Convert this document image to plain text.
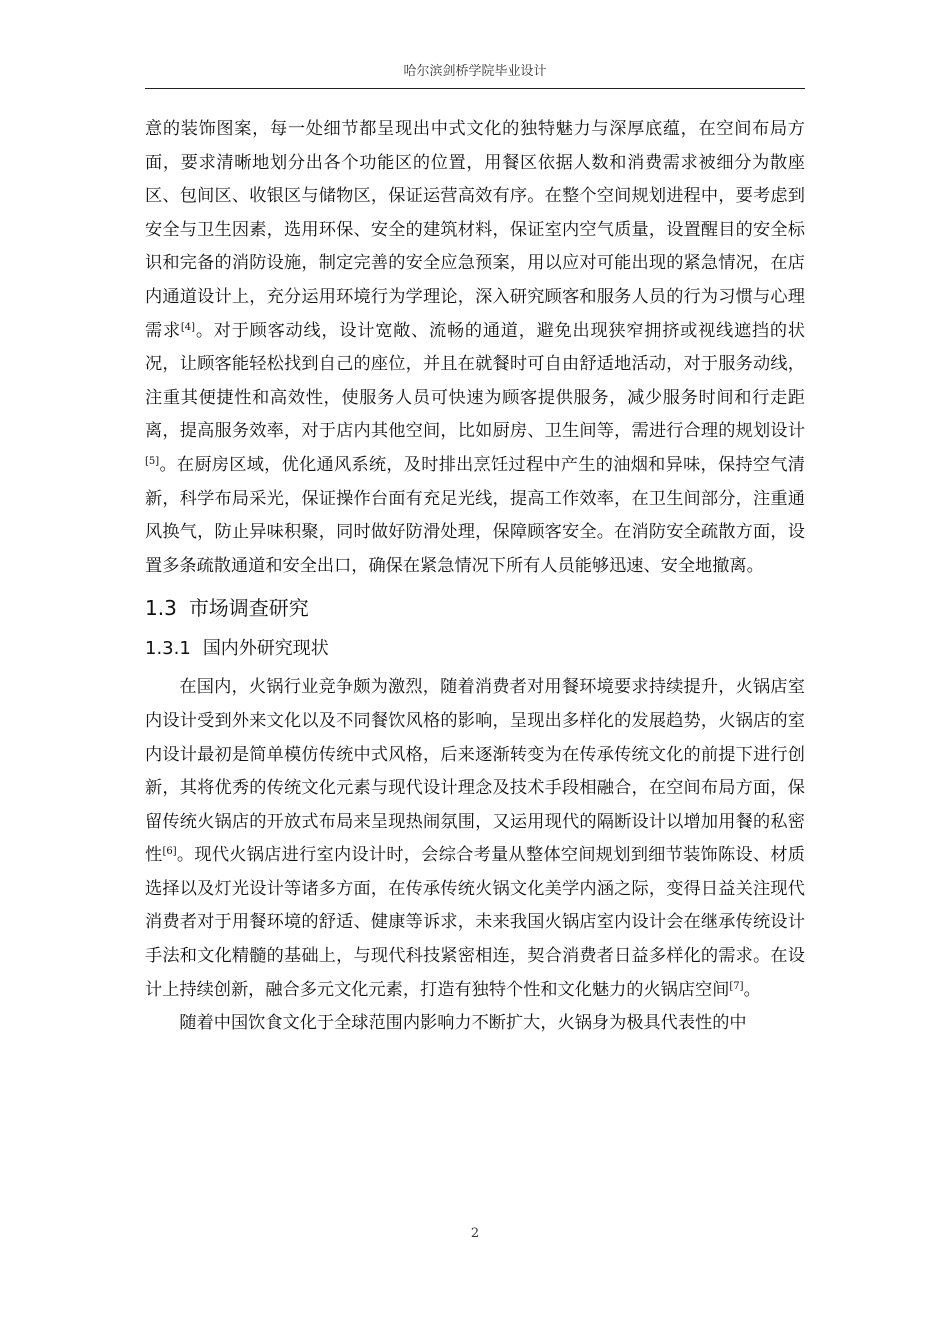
哈尔滨剑桥学院毕业设计

意的装饰图案，每一处细节都呈现出中式文化的独特魅力与深厚底蕴，在空间布局方面，要求清晰地划分出各个功能区的位置，用餐区依据人数和消费需求被细分为散座区、包间区、收银区与储物区，保证运营高效有序。在整个空间规划进程中，要考虑到安全与卫生因素，选用环保、安全的建筑材料，保证室内空气质量，设置醒目的安全标识和完备的消防设施，制定完善的安全应急预案，用以应对可能出现的紧急情况，在店内通道设计上，充分运用环境行为学理论，深入研究顾客和服务人员的行为习惯与心理需求[4]。对于顾客动线，设计宽敞、流畅的通道，避免出现狭窄拥挤或视线遮挡的状况，让顾客能轻松找到自己的座位，并且在就餐时可自由舒适地活动，对于服务动线，注重其便捷性和高效性，使服务人员可快速为顾客提供服务，减少服务时间和行走距离，提高服务效率，对于店内其他空间，比如厨房、卫生间等，需进行合理的规划设计[5]。在厨房区域，优化通风系统，及时排出烹饪过程中产生的油烟和异味，保持空气清新，科学布局采光，保证操作台面有充足光线，提高工作效率，在卫生间部分，注重通风换气，防止异味积聚，同时做好防滑处理，保障顾客安全。在消防安全疏散方面，设置多条疏散通道和安全出口，确保在紧急情况下所有人员能够迅速、安全地撤离。

1.3 市场调查研究
1.3.1 国内外研究现状

在国内，火锅行业竞争颇为激烈，随着消费者对用餐环境要求持续提升，火锅店室内设计受到外来文化以及不同餐饮风格的影响，呈现出多样化的发展趋势，火锅店的室内设计最初是简单模仿传统中式风格，后来逐渐转变为在传承传统文化的前提下进行创新，其将优秀的传统文化元素与现代设计理念及技术手段相融合，在空间布局方面，保留传统火锅店的开放式布局来呈现热闹氛围，又运用现代的隔断设计以增加用餐的私密性[6]。现代火锅店进行室内设计时，会综合考量从整体空间规划到细节装饰陈设、材质选择以及灯光设计等诸多方面，在传承传统火锅文化美学内涵之际，变得日益关注现代消费者对于用餐环境的舒适、健康等诉求，未来我国火锅店室内设计会在继承传统设计手法和文化精髓的基础上，与现代科技紧密相连，契合消费者日益多样化的需求。在设计上持续创新，融合多元文化元素，打造有独特个性和文化魅力的火锅店空间[7]。

随着中国饮食文化于全球范围内影响力不断扩大，火锅身为极具代表性的中

2
